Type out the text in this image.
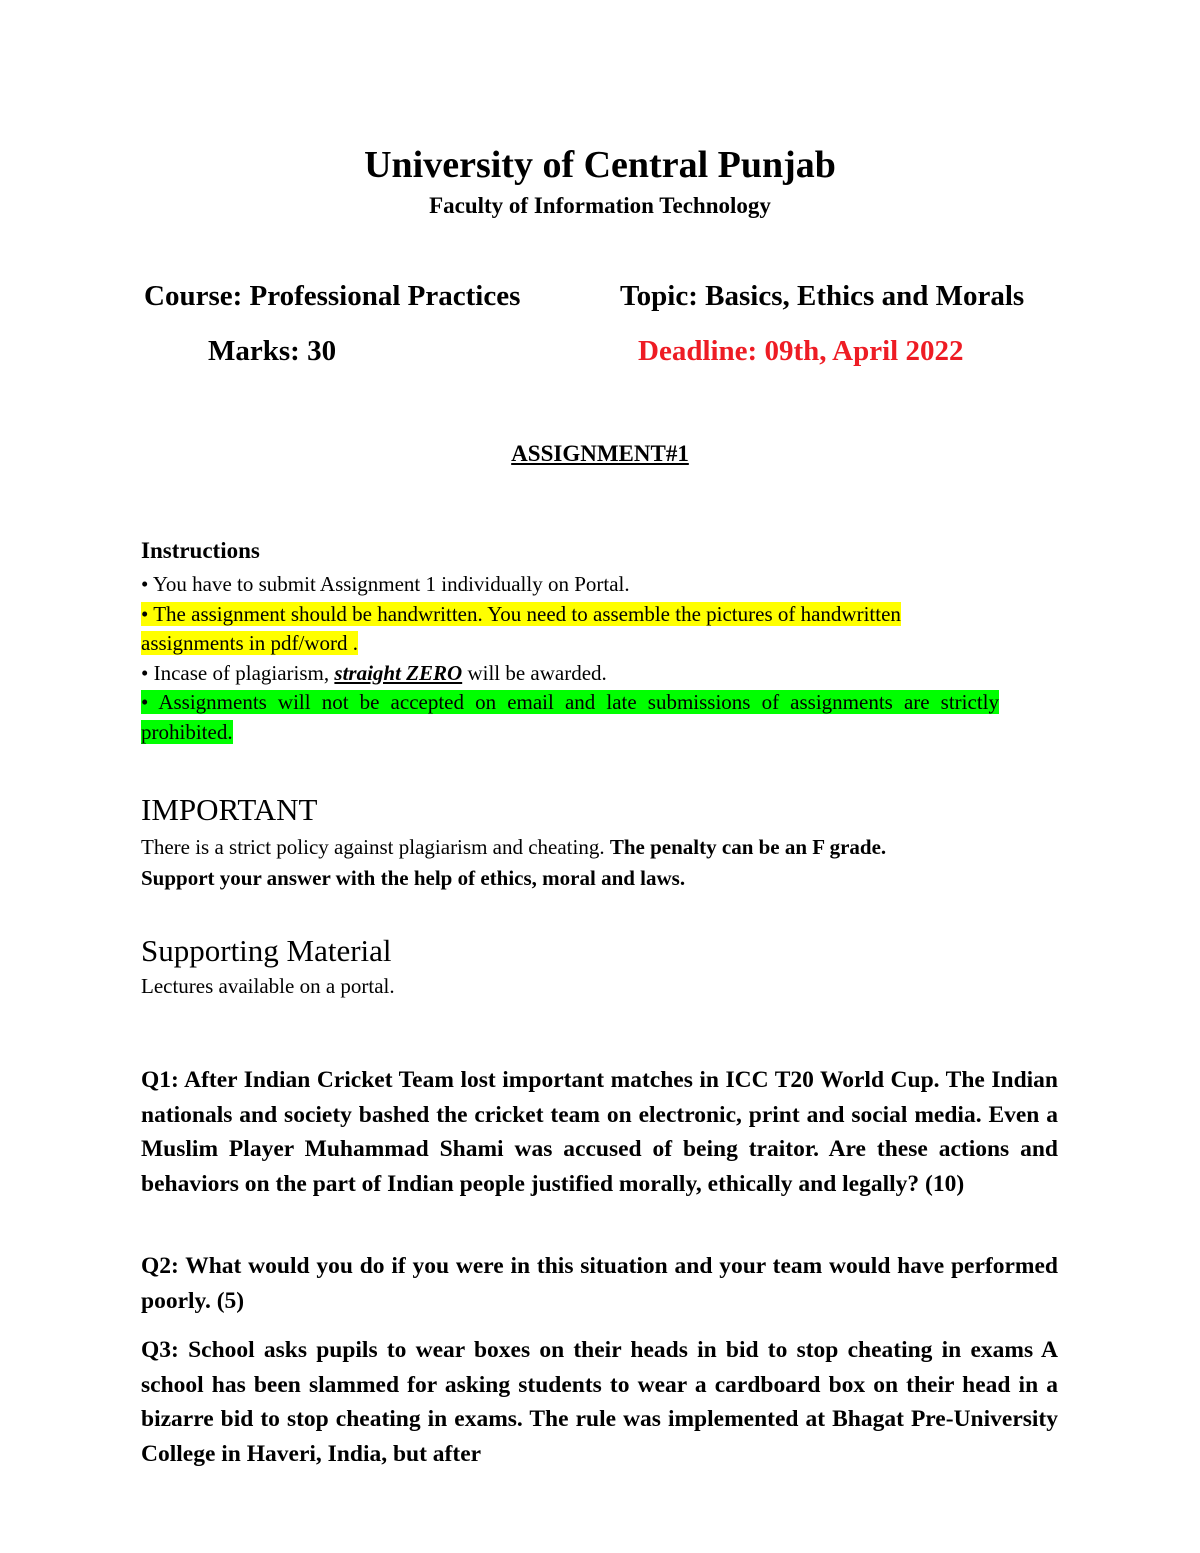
University of Central Punjab
Faculty of Information Technology
Course: Professional Practices	Topic: Basics, Ethics and Morals
Marks: 30	Deadline: 09th, April 2022
ASSIGNMENT#1
Instructions
• You have to submit Assignment 1 individually on Portal.
• The assignment should be handwritten. You need to assemble the pictures of handwritten assignments in pdf/word .
• Incase of plagiarism, straight ZERO will be awarded.
• Assignments will not be accepted on email and late submissions of assignments are strictly prohibited.
IMPORTANT
There is a strict policy against plagiarism and cheating. The penalty can be an F grade.
Support your answer with the help of ethics, moral and laws.
Supporting Material
Lectures available on a portal.
Q1: After Indian Cricket Team lost important matches in ICC T20 World Cup. The Indian nationals and society bashed the cricket team on electronic, print and social media. Even a Muslim Player Muhammad Shami was accused of being traitor. Are these actions and behaviors on the part of Indian people justified morally, ethically and legally? (10)
Q2: What would you do if you were in this situation and your team would have performed poorly. (5)
Q3: School asks pupils to wear boxes on their heads in bid to stop cheating in exams A school has been slammed for asking students to wear a cardboard box on their head in a bizarre bid to stop cheating in exams. The rule was implemented at Bhagat Pre-University College in Haveri, India, but after
